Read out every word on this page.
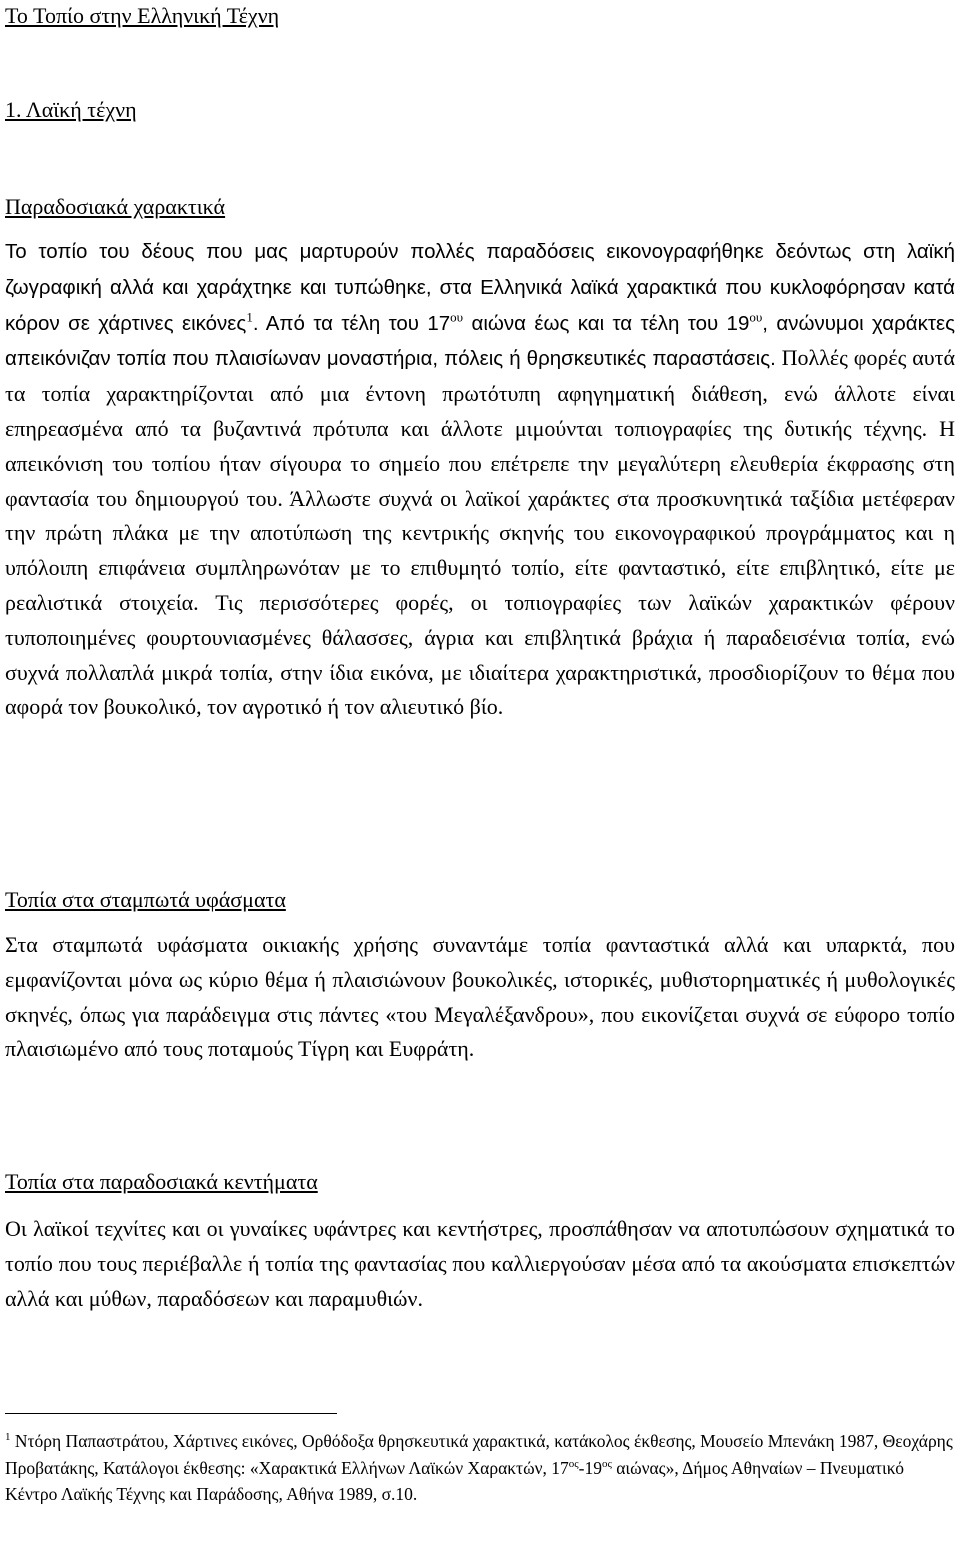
Το Τοπίο στην Ελληνική Τέχνη
1. Λαϊκή τέχνη
Παραδοσιακά χαρακτικά
Το τοπίο του δέους που μας μαρτυρούν πολλές παραδόσεις εικονογραφήθηκε δεόντως στη λαϊκή ζωγραφική αλλά και χαράχτηκε και τυπώθηκε, στα Ελληνικά λαϊκά χαρακτικά που κυκλοφόρησαν κατά κόρον σε χάρτινες εικόνες$^1$. Από τα τέλη του $17^{o\upsilon}$ αιώνα έως και τα τέλη του $19^{o\upsilon}$, ανώνυμοι χαράκτες απεικόνιζαν τοπία που πλαισίωναν μοναστήρια, πόλεις ή θρησκευτικές παραστάσεις. Πολλές φορές αυτά τα τοπία χαρακτηρίζονται από μια έντονη πρωτότυπη αφηγηματική διάθεση, ενώ άλλοτε είναι επηρεασμένα από τα βυζαντινά πρότυπα και άλλοτε μιμούνται τοπιογραφίες της δυτικής τέχνης. Η απεικόνιση του τοπίου ήταν σίγουρα το σημείο που επέτρεπε την μεγαλύτερη ελευθερία έκφρασης στη φαντασία του δημιουργού του. Άλλωστε συχνά οι λαϊκοί χαράκτες στα προσκυνητικά ταξίδια μετέφεραν την πρώτη πλάκα με την αποτύπωση της κεντρικής σκηνής του εικονογραφικού προγράμματος και η υπόλοιπη επιφάνεια συμπληρωνόταν με το επιθυμητό τοπίο, είτε φανταστικό, είτε επιβλητικό, είτε με ρεαλιστικά στοιχεία. Τις περισσότερες φορές, οι τοπιογραφίες των λαϊκών χαρακτικών φέρουν τυποποιημένες φουρτουνιασμένες θάλασσες, άγρια και επιβλητικά βράχια ή παραδεισένια τοπία, ενώ συχνά πολλαπλά μικρά τοπία, στην ίδια εικόνα, με ιδιαίτερα χαρακτηριστικά, προσδιορίζουν το θέμα που αφορά τον βουκολικό, τον αγροτικό ή τον αλιευτικό βίο.
Τοπία στα σταμπωτά υφάσματα
Στα σταμπωτά υφάσματα οικιακής χρήσης συναντάμε τοπία φανταστικά αλλά και υπαρκτά, που εμφανίζονται μόνα ως κύριο θέμα ή πλαισιώνουν βουκολικές, ιστορικές, μυθιστορηματικές ή μυθολογικές σκηνές, όπως για παράδειγμα στις πάντες «του Μεγαλέξανδρου», που εικονίζεται συχνά σε εύφορο τοπίο πλαισιωμένο από τους ποταμούς Τίγρη και Ευφράτη.
Τοπία στα παραδοσιακά κεντήματα
Οι λαϊκοί τεχνίτες και οι γυναίκες υφάντρες και κεντήστρες, προσπάθησαν να αποτυπώσουν σχηματικά το τοπίο που τους περιέβαλλε ή τοπία της φαντασίας που καλλιεργούσαν μέσα από τα ακούσματα επισκεπτών αλλά και μύθων, παραδόσεων και παραμυθιών.
$^1$ Ντόρη Παπαστράτου, Χάρτινες εικόνες, Ορθόδοξα θρησκευτικά χαρακτικά, κατάκολος έκθεσης, Μουσείο Μπενάκη 1987, Θεοχάρης Προβατάκης, Κατάλογοι έκθεσης: «Χαρακτικά Ελλήνων Λαϊκών Χαρακτών, $17^{o\varsigma}-19^{o\varsigma}$ αιώνας», Δήμος Αθηναίων – Πνευματικό Κέντρο Λαϊκής Τέχνης και Παράδοσης, Αθήνα 1989, σ.10.
